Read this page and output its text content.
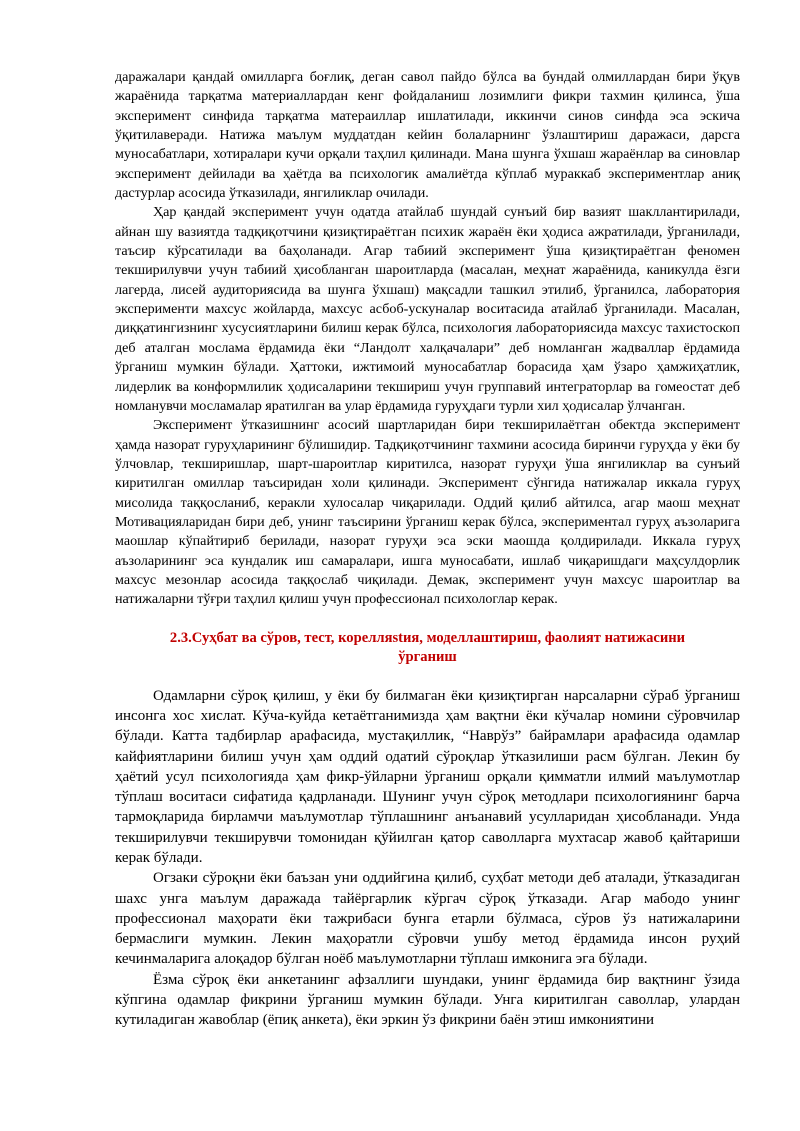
даражалари қандай омилларга боғлиқ, деган савол пайдо бўлса ва бундай олмиллардан бири ўқув жараёнида тарқатма материаллардан кенг фойдаланиш лозимлиги фикри тахмин қилинса, ўша эксперимент синфида тарқатма матераиллар ишлатилади, иккинчи синов синфда эса эскича ўқитилаверади. Натижа маълум муддатдан кейин болаларнинг ўзлаштириш даражаси, дарсга муносабатлари, хотиралари кучи орқали таҳлил қилинади. Мана шунга ўхшаш жараёнлар ва синовлар эксперимент дейилади ва ҳаётда ва психологик амалиётда кўплаб мураккаб экспериментлар аниқ дастурлар асосида ўтказилади, янгиликлар очилади.

Ҳар қандай эксперимент учун одатда атайлаб шундай сунъий бир вазият шакллантирилади, айнан шу вазиятда тадқиқотчини қизиқтираётган психик жараён ёки ҳодиса ажратилади, ўрганилади, таъсир кўрсатилади ва баҳоланади. Агар табиий эксперимент ўша қизиқтираётган феномен текширилувчи учун табиий ҳисобланган шароитларда (масалан, меҳнат жараёнида, каникулда ёзги лагерда, лисей аудиториясида ва шунга ўхшаш) мақсадли ташкил этилиб, ўрганилса, лаборатория эксперименти махсус жойларда, махсус асбоб-ускуналар воситасида атайлаб ўрганилади. Масалан, диққатингизнинг хусусиятларини билиш керак бўлса, психология лабораториясида махсус тахистоскоп деб аталган мослама ёрдамида ёки “Ландолт халқачалари” деб номланган жадваллар ёрдамида ўрганиш мумкин бўлади. Ҳаттоки, ижтимоий муносабатлар борасида ҳам ўзаро ҳамжиҳатлик, лидерлик ва конформлилик ҳодисаларини текшириш учун группавий интеграторлар ва гомеостат деб номланувчи мосламалар яратилган ва улар ёрдамида гуруҳдаги турли хил ҳодисалар ўлчанган.

Эксперимент ўтказишнинг асосий шартларидан бири текширилаётган обектда эксперимент ҳамда назорат гуруҳларининг бўлишидир. Тадқиқотчининг тахмини асосида биринчи гуруҳда у ёки бу ўлчовлар, текширишлар, шарт-шароитлар киритилса, назорат гуруҳи ўша янгиликлар ва сунъий киритилган омиллар таъсиридан холи қилинади. Эксперимент сўнгида натижалар иккала гуруҳ мисолида таққосланиб, керакли хулосалар чиқарилади. Оддий қилиб айтилса, агар маош меҳнат Мотивацияларидан бири деб, унинг таъсирини ўрганиш керак бўлса, экспериментал гуруҳ аъзоларига маошлар кўпайтириб берилади, назорат гуруҳи эса эски маошда қолдирилади. Иккала гуруҳ аъзоларининг эса кундалик иш самаралари, ишга муносабати, ишлаб чиқаришдаги маҳсулдорлик махсус мезонлар асосида таққослаб чиқилади. Демак, эксперимент учун махсус шароитлар ва натижаларни тўғри таҳлил қилиш учун профессионал психологлар керак.

2.3.Суҳбат ва сўров, тест, корелляstия, моделлаштириш, фаолият натижасини
ўрганиш

Одамларни сўроқ қилиш, у ёки бу билмаган ёки қизиқтирган нарсаларни сўраб ўрганиш инсонга хос хислат. Кўча-куйда кетаётганимизда ҳам вақтни ёки кўчалар номини сўровчилар бўлади. Катта тадбирлар арафасида, мустақиллик, “Наврўз” байрамлари арафасида одамлар кайфиятларини билиш учун ҳам оддий одатий сўроқлар ўтказилиши расм бўлган. Лекин бу ҳаётий усул психологияда ҳам фикр-ўйларни ўрганиш орқали қимматли илмий маълумотлар тўплаш воситаси сифатида қадрланади. Шунинг учун сўроқ методлари психологиянинг барча тармоқларида бирламчи маълумотлар тўплашнинг анъанавий усулларидан ҳисобланади. Унда текширилувчи текширувчи томонидан қўйилган қатор саволларга мухтасар жавоб қайтариши керак бўлади.

Огзаки сўроқни ёки баъзан уни оддийгина қилиб, суҳбат методи деб аталади, ўтказадиган шахс унга маълум даражада тайёргарлик кўргач сўроқ ўтказади. Агар мабодо унинг профессионал маҳорати ёки тажрибаси бунга етарли бўлмаса, сўров ўз натижаларини бермаслиги мумкин. Лекин маҳоратли сўровчи ушбу метод ёрдамида инсон руҳий кечинмаларига алоқадор бўлган ноёб маълумотларни тўплаш имконига эга бўлади.

Ёзма сўроқ ёки анкетанинг афзаллиги шундаки, унинг ёрдамида бир вақтнинг ўзида кўпгина одамлар фикрини ўрганиш мумкин бўлади. Унга киритилган саволлар, улардан кутиладиган жавоблар (ёпиқ анкета), ёки эркин ўз фикрини баён этиш имкониятини
